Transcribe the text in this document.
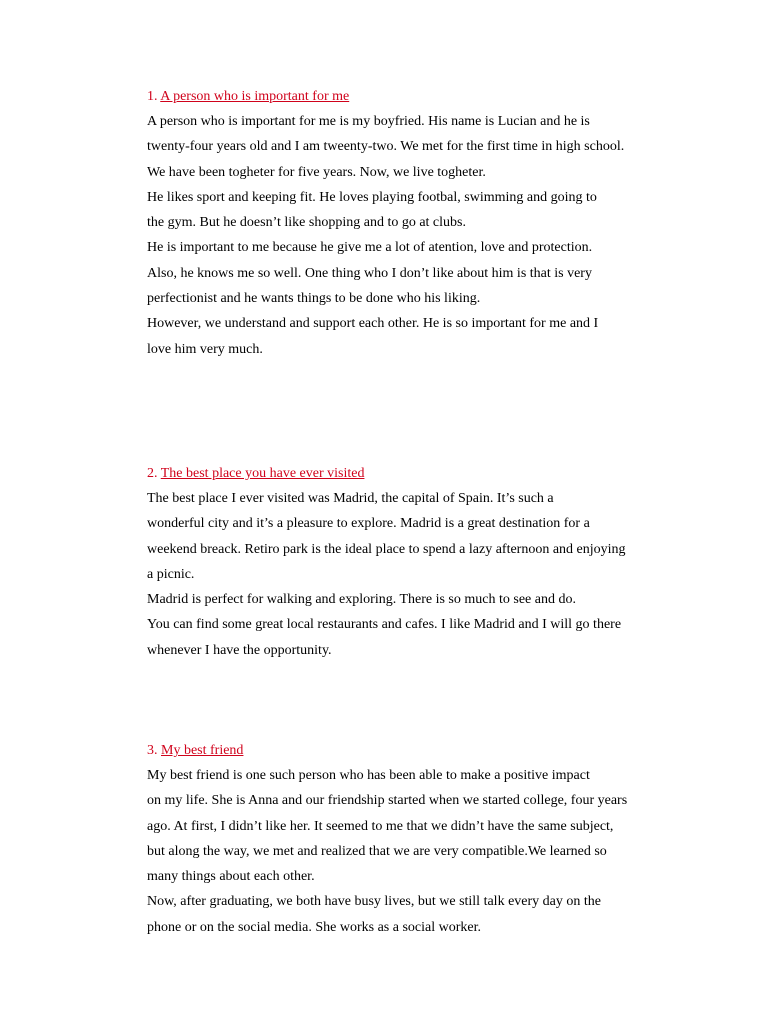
1. A person who is important for me

A person who is important for me is my boyfried. His name is Lucian and he is
twenty-four years old and I am tweenty-two. We met for the first time in high school.
We have been togheter for five years. Now, we live togheter.

He likes sport and keeping fit. He loves playing footbal, swimming and going to
the gym. But he doesn’t like shopping and to go at clubs.

He is important to me because he give me a lot of atention, love and protection.
Also, he knows me so well. One thing who I don’t like about him is that is very
perfectionist and he wants things to be done who his liking.

However, we understand and support each other. He is so important for me and I
love him very much.

2. The best place you have ever visited

The best place I ever visited was Madrid, the capital of Spain. It’s such a
wonderful city and it’s a pleasure to explore. Madrid is a great destination for a
weekend breack. Retiro park is the ideal place to spend a lazy afternoon and enjoying
a picnic.

Madrid is perfect for walking and exploring. There is so much to see and do.
You can find some great local restaurants and cafes. I like Madrid and I will go there
whenever I have the opportunity.

3. My best friend

My best friend is one such person who has been able to make a positive impact
on my life. She is Anna and our friendship started when we started college, four years
ago. At first, I didn’t like her. It seemed to me that we didn’t have the same subject,
but along the way, we met and realized that we are very compatible.We learned so
many things about each other.

Now, after graduating, we both have busy lives, but we still talk every day on the
phone or on the social media. She works as a social worker.
